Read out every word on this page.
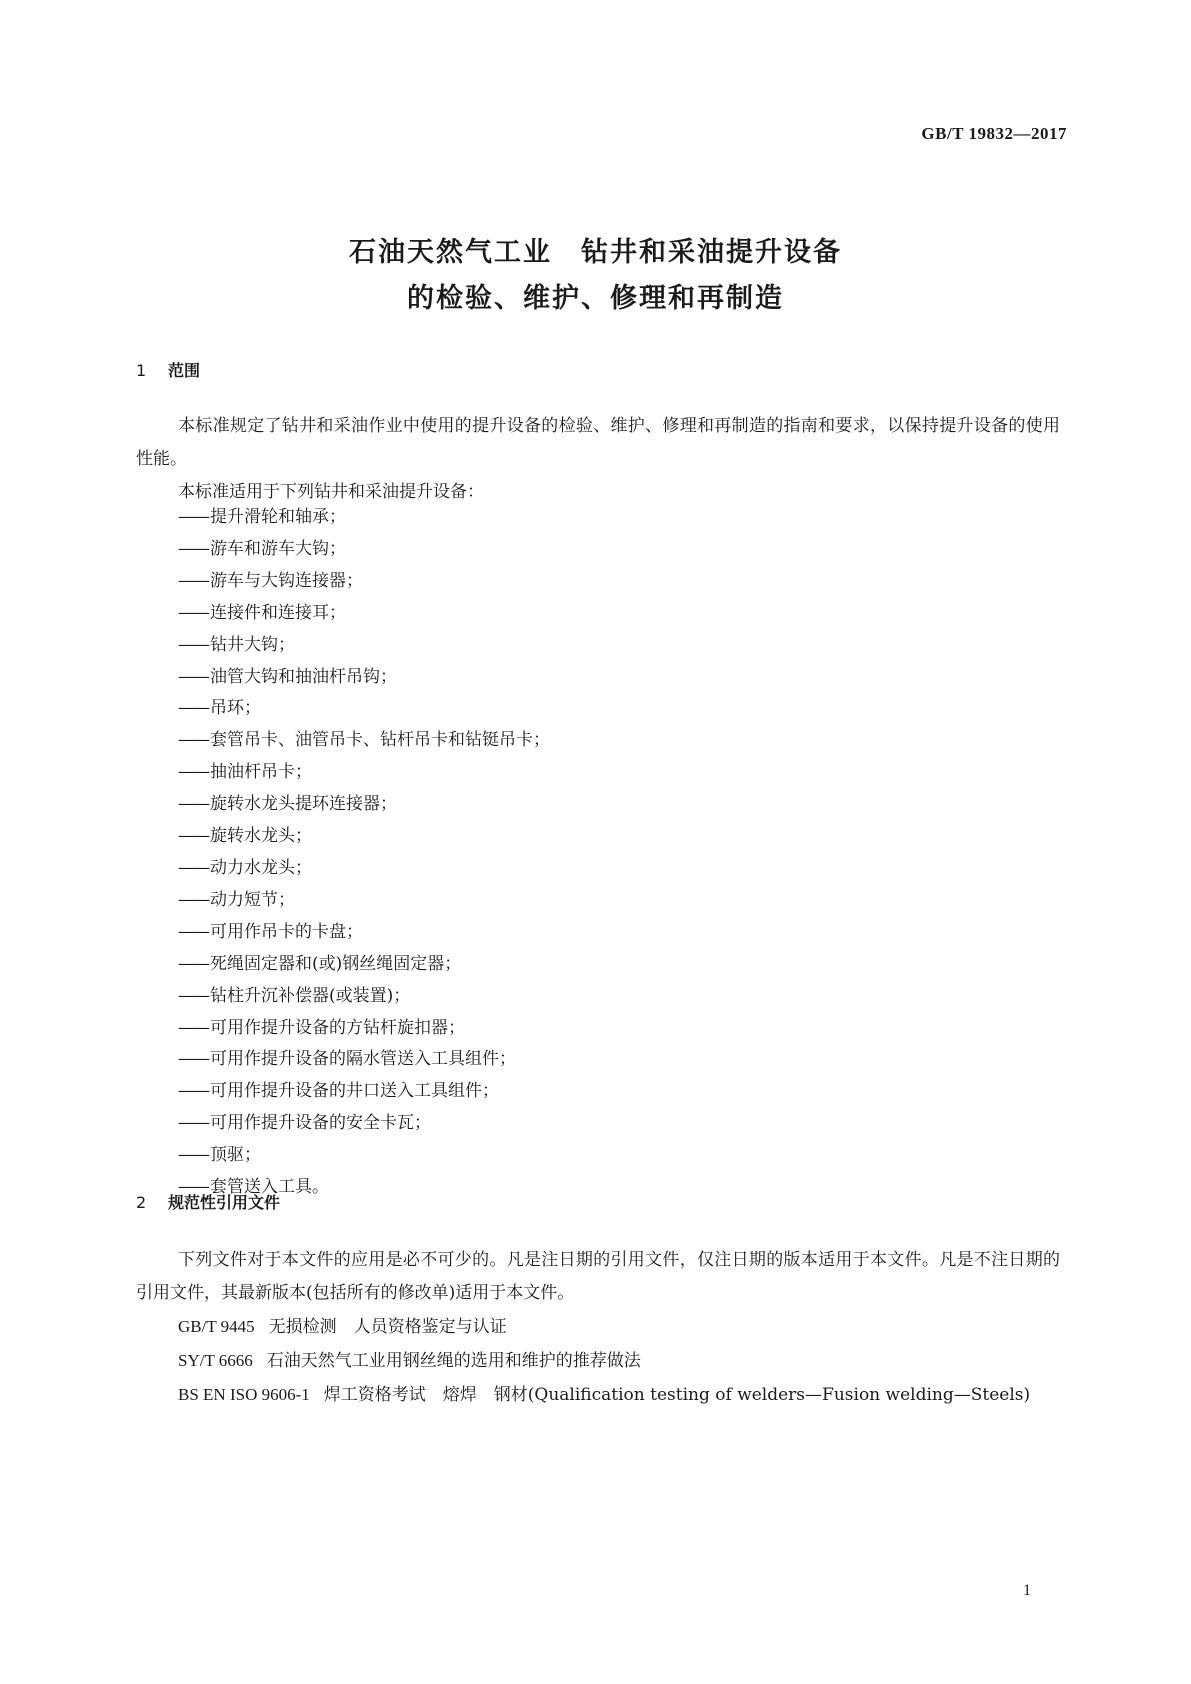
GB/T 19832—2017
石油天然气工业　钻井和采油提升设备
的检验、维护、修理和再制造
1 范围

本标准规定了钻井和采油作业中使用的提升设备的检验、维护、修理和再制造的指南和要求，以保持提升设备的使用性能。

本标准适用于下列钻井和采油提升设备：

—— 提升滑轮和轴承；
—— 游车和游车大钩；
—— 游车与大钩连接器；
—— 连接件和连接耳；
—— 钻井大钩；
—— 油管大钩和抽油杆吊钩；
—— 吊环；
—— 套管吊卡、油管吊卡、钻杆吊卡和钻铤吊卡；
—— 抽油杆吊卡；
—— 旋转水龙头提环连接器；
—— 旋转水龙头；
—— 动力水龙头；
—— 动力短节；
—— 可用作吊卡的卡盘；
—— 死绳固定器和(或)钢丝绳固定器；
—— 钻柱升沉补偿器(或装置)；
—— 可用作提升设备的方钻杆旋扣器；
—— 可用作提升设备的隔水管送入工具组件；
—— 可用作提升设备的井口送入工具组件；
—— 可用作提升设备的安全卡瓦；
—— 顶驱；
—— 套管送入工具。
2 规范性引用文件

下列文件对于本文件的应用是必不可少的。凡是注日期的引用文件，仅注日期的版本适用于本文件。凡是不注日期的引用文件，其最新版本(包括所有的修改单)适用于本文件。

GB/T 9445 无损检测　人员资格鉴定与认证
SY/T 6666 石油天然气工业用钢丝绳的选用和维护的推荐做法
BS EN ISO 9606-1 焊工资格考试　熔焊　钢材(Qualification testing of welders—Fusion welding—Steels)
1
